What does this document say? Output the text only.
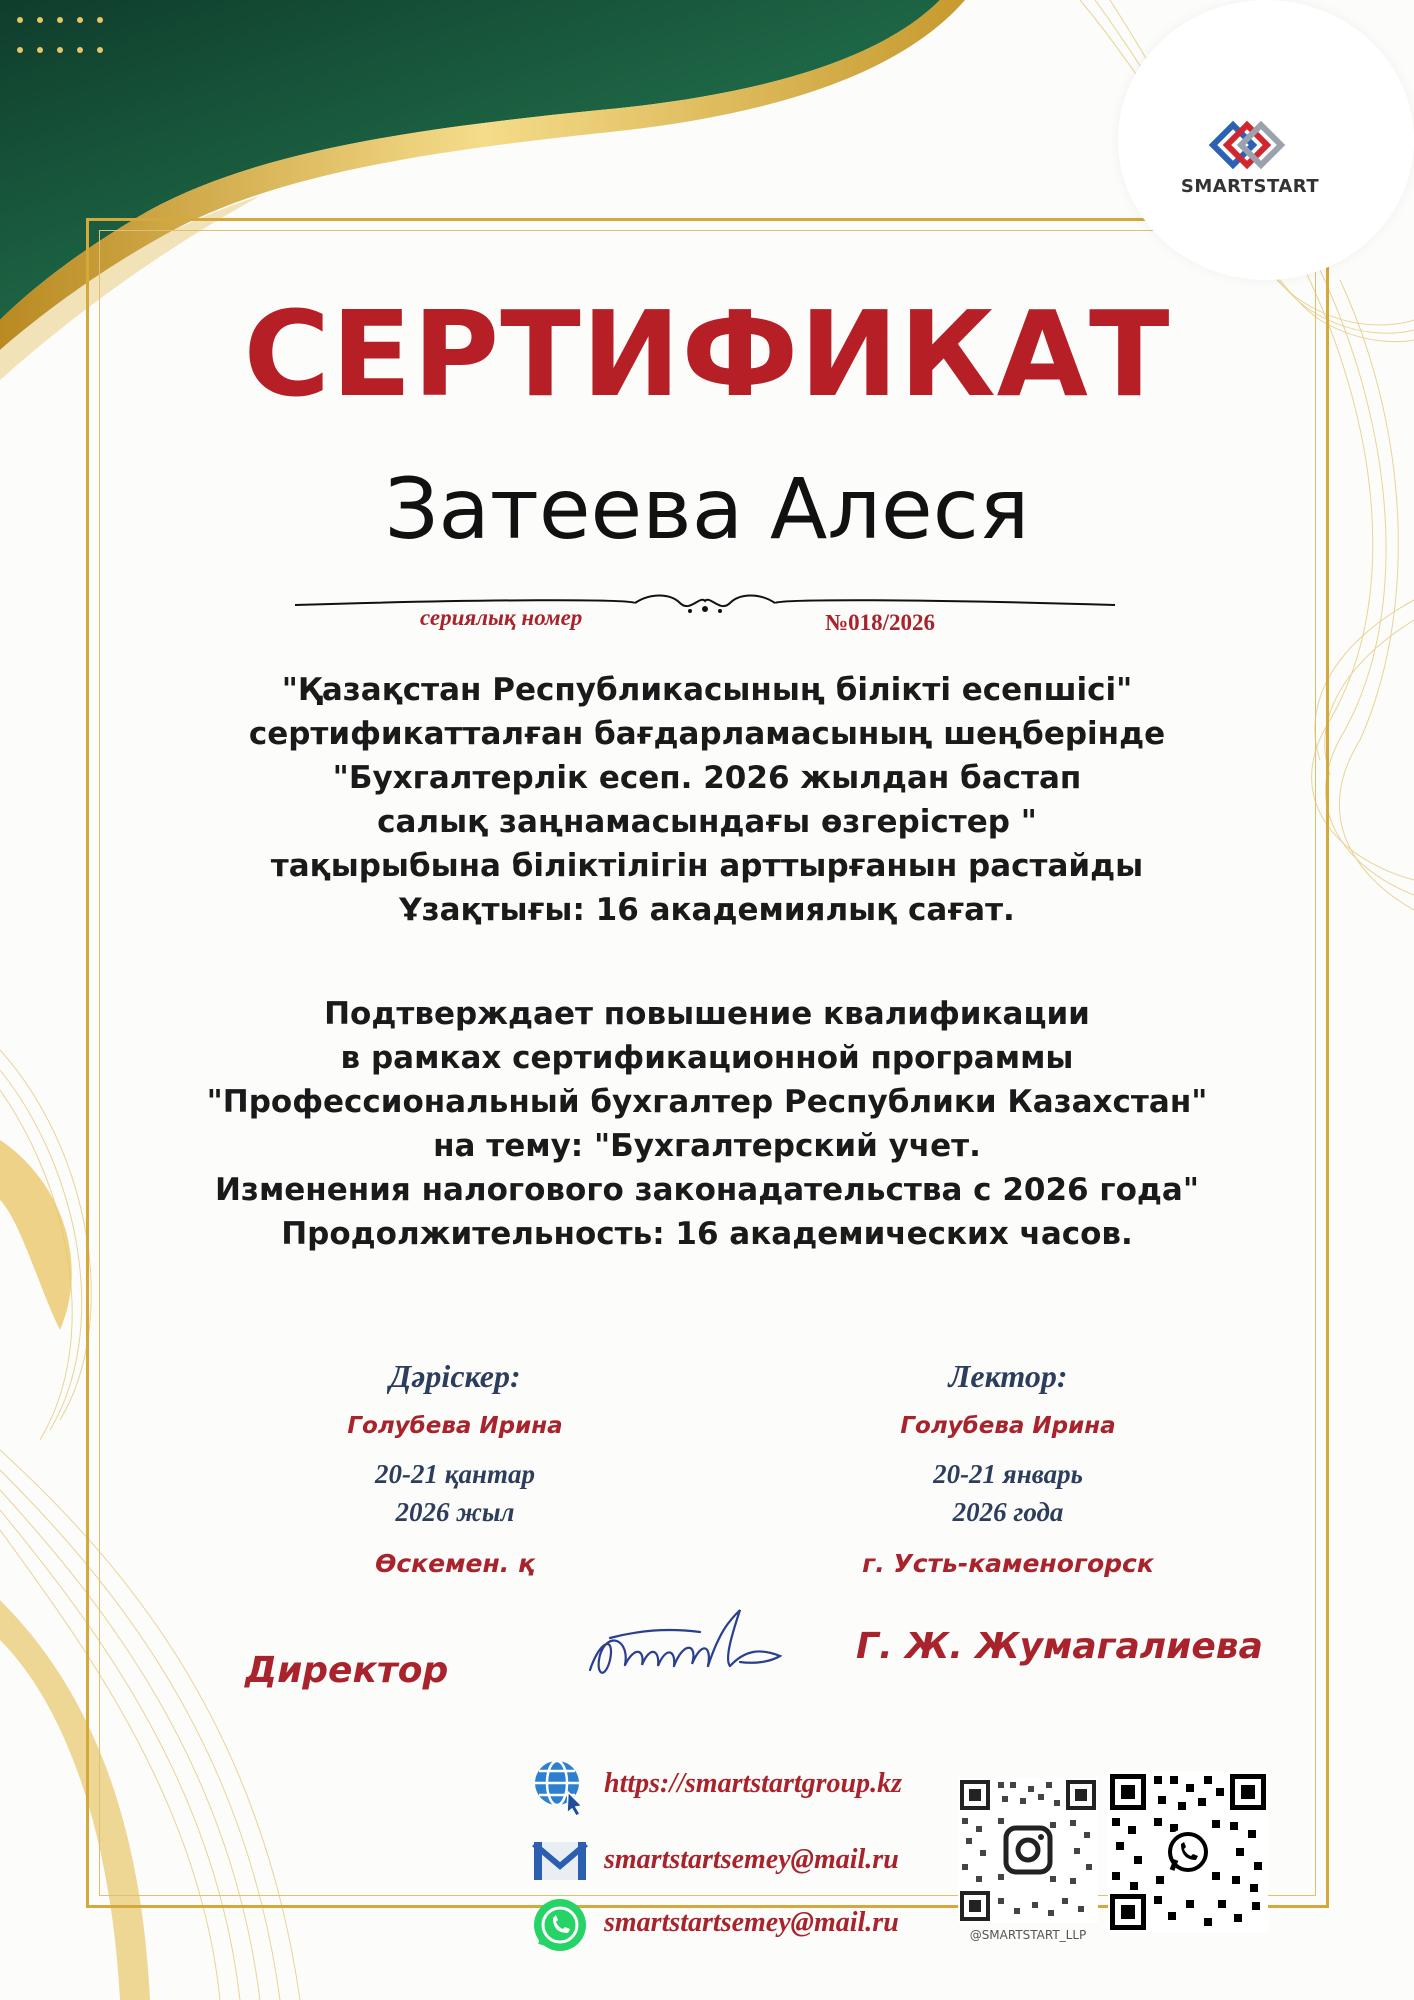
SMARTSTART
СЕРТИФИКАТ
Затеева Алеся
сериялық номер	№018/2026
"Қазақстан Республикасының білікті есепшісі"
сертификатталған бағдарламасының шеңберінде
"Бухгалтерлік есеп. 2026 жылдан бастап
салық заңнамасындағы өзгерістер "
тақырыбына біліктілігін арттырғанын растайды
Ұзақтығы: 16 академиялық сағат.
Подтверждает повышение квалификации
в рамках сертификационной программы
"Профессиональный бухгалтер Республики Казахстан"
на тему: "Бухгалтерский учет.
Изменения налогового законадательства с 2026 года"
Продолжительность: 16 академических часов.
Дәріскер:
Голубева Ирина
20-21 қантар
2026 жыл
Өскемен. қ
Лектор:
Голубева Ирина
20-21 январь
2026 года
г. Усть-каменогорск
Директор
Г. Ж. Жумагалиева
https://smartstartgroup.kz
smartstartsemey@mail.ru
smartstartsemey@mail.ru	@SMARTSTART_LLP
